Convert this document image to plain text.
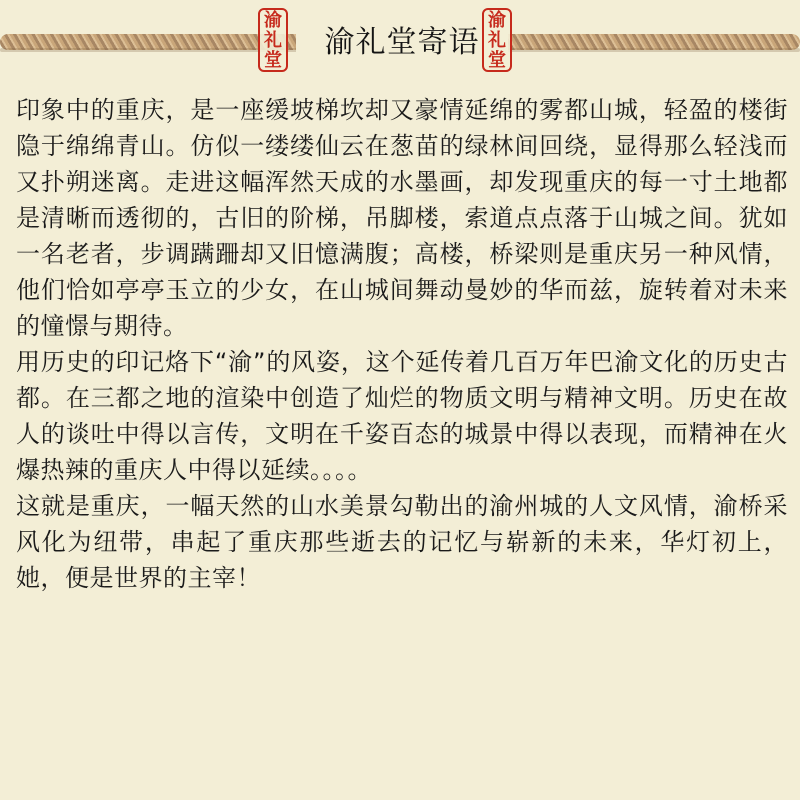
渝
礼
堂
渝礼堂寄语
渝
礼
堂

印象中的重庆，是一座缓坡梯坎却又豪情延绵的雾都山城，轻盈的楼街隐于绵绵青山。仿似一缕缕仙云在葱苗的绿林间回绕，显得那么轻浅而又扑朔迷离。走进这幅浑然天成的水墨画，却发现重庆的每一寸土地都是清晰而透彻的，古旧的阶梯，吊脚楼，索道点点落于山城之间。犹如一名老者，步调蹒跚却又旧憶满腹；高楼，桥梁则是重庆另一种风情，他们恰如亭亭玉立的少女，在山城间舞动曼妙的华而兹，旋转着对未来的憧憬与期待。

用历史的印记烙下“渝”的风姿，这个延传着几百万年巴渝文化的历史古都。在三都之地的渲染中创造了灿烂的物质文明与精神文明。历史在故人的谈吐中得以言传，文明在千姿百态的城景中得以表现，而精神在火爆热辣的重庆人中得以延续。。。。

这就是重庆，一幅天然的山水美景勾勒出的渝州城的人文风情，渝桥采风化为纽带，串起了重庆那些逝去的记忆与崭新的未来，华灯初上，她，便是世界的主宰！
